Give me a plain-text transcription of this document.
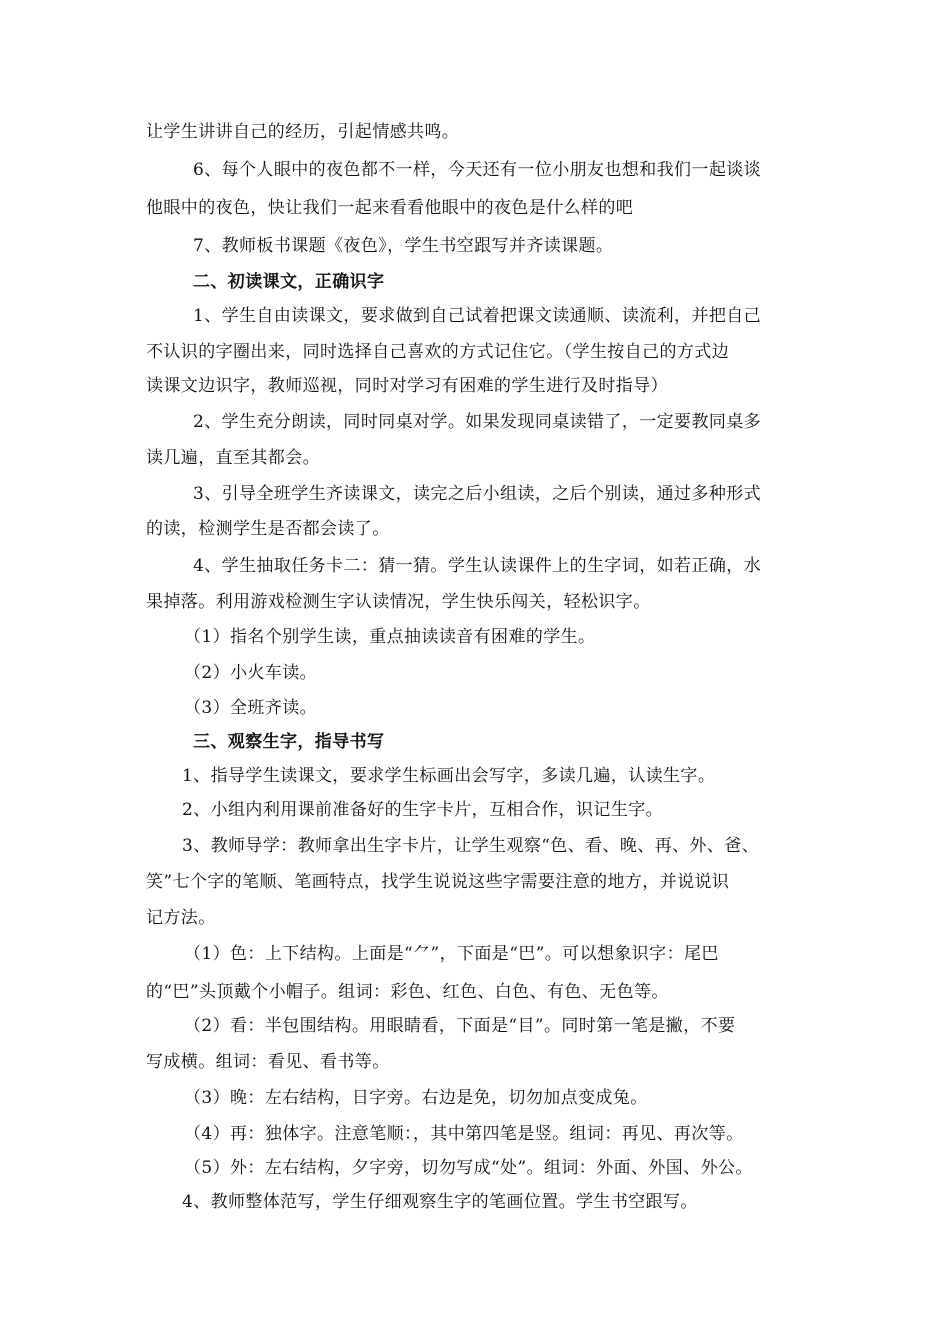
让学生讲讲自己的经历，引起情感共鸣。
6、每个人眼中的夜色都不一样，今天还有一位小朋友也想和我们一起谈谈
他眼中的夜色，快让我们一起来看看他眼中的夜色是什么样的吧
7、教师板书课题《夜色》，学生书空跟写并齐读课题。
二、初读课文，正确识字
1、学生自由读课文，要求做到自己试着把课文读通顺、读流利，并把自己
不认识的字圈出来，同时选择自己喜欢的方式记住它。（学生按自己的方式边
读课文边识字，教师巡视，同时对学习有困难的学生进行及时指导）
2、学生充分朗读，同时同桌对学。如果发现同桌读错了，一定要教同桌多
读几遍，直至其都会。
3、引导全班学生齐读课文，读完之后小组读，之后个别读，通过多种形式
的读，检测学生是否都会读了。
4、学生抽取任务卡二：猜一猜。学生认读课件上的生字词，如若正确，水
果掉落。利用游戏检测生字认读情况，学生快乐闯关，轻松识字。
（1）指名个别学生读，重点抽读读音有困难的学生。
（2）小火车读。
（3）全班齐读。
三、观察生字，指导书写
1、指导学生读课文，要求学生标画出会写字，多读几遍，认读生字。
2、小组内利用课前准备好的生字卡片，互相合作，识记生字。
3、教师导学：教师拿出生字卡片，让学生观察“色、看、晚、再、外、爸、
笑”七个字的笔顺、笔画特点，找学生说说这些字需要注意的地方，并说说识
记方法。
（1）色：上下结构。上面是“⺈”，下面是“巴”。可以想象识字：尾巴
的“巴”头顶戴个小帽子。组词：彩色、红色、白色、有色、无色等。
（2）看：半包围结构。用眼睛看，下面是“目”。同时第一笔是撇，不要
写成横。组词：看见、看书等。
（3）晚：左右结构，日字旁。右边是免，切勿加点变成兔。
（4）再：独体字。注意笔顺：，其中第四笔是竖。组词：再见、再次等。
（5）外：左右结构，夕字旁，切勿写成“处”。组词：外面、外国、外公。
4、教师整体范写，学生仔细观察生字的笔画位置。学生书空跟写。
